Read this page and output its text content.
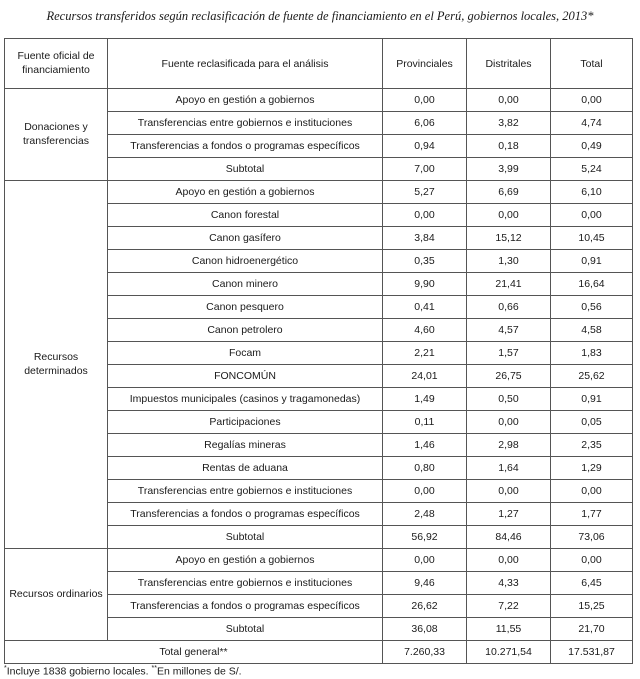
Recursos transferidos según reclasificación de fuente de financiamiento en el Perú, gobiernos locales, 2013*
Fuente oficial de financiamiento	Fuente reclasificada para el análisis	Provinciales	Distritales	Total
Donaciones y transferencias	Apoyo en gestión a gobiernos	0,00	0,00	0,00
	Transferencias entre gobiernos e instituciones	6,06	3,82	4,74
	Transferencias a fondos o programas específicos	0,94	0,18	0,49
	Subtotal	7,00	3,99	5,24
Recursos determinados	Apoyo en gestión a gobiernos	5,27	6,69	6,10
	Canon forestal	0,00	0,00	0,00
	Canon gasífero	3,84	15,12	10,45
	Canon hidroenergético	0,35	1,30	0,91
	Canon minero	9,90	21,41	16,64
	Canon pesquero	0,41	0,66	0,56
	Canon petrolero	4,60	4,57	4,58
	Focam	2,21	1,57	1,83
	FONCOMÚN	24,01	26,75	25,62
	Impuestos municipales (casinos y tragamonedas)	1,49	0,50	0,91
	Participaciones	0,11	0,00	0,05
	Regalías mineras	1,46	2,98	2,35
	Rentas de aduana	0,80	1,64	1,29
	Transferencias entre gobiernos e instituciones	0,00	0,00	0,00
	Transferencias a fondos o programas específicos	2,48	1,27	1,77
	Subtotal	56,92	84,46	73,06
Recursos ordinarios	Apoyo en gestión a gobiernos	0,00	0,00	0,00
	Transferencias entre gobiernos e instituciones	9,46	4,33	6,45
	Transferencias a fondos o programas específicos	26,62	7,22	15,25
	Subtotal	36,08	11,55	21,70
Total general**		7.260,33	10.271,54	17.531,87
*Incluye 1838 gobierno locales. **En millones de S/.
